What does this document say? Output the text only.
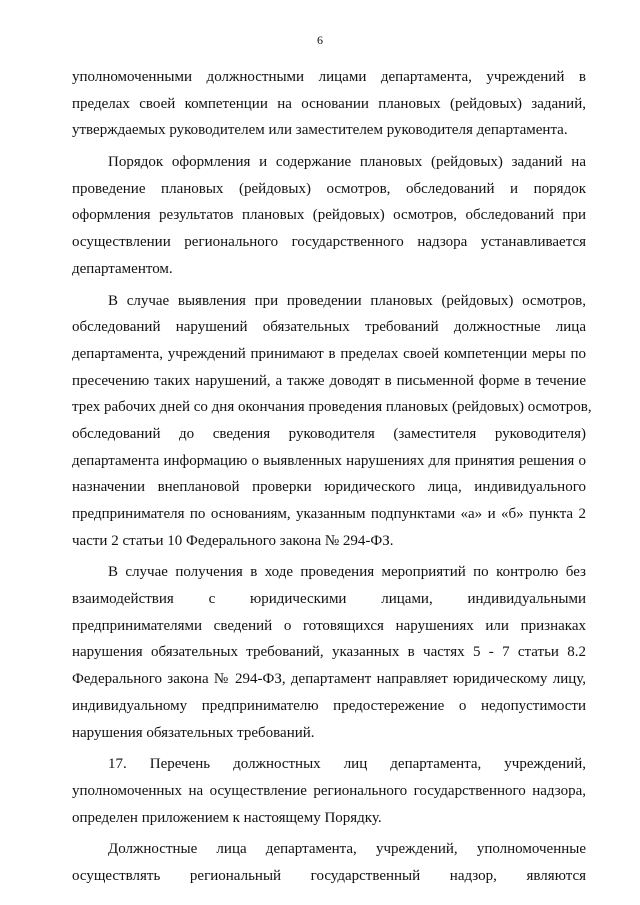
6
уполномоченными должностными лицами департамента, учреждений в
пределах своей компетенции на основании плановых (рейдовых) заданий,
утверждаемых руководителем или заместителем руководителя департамента.
Порядок оформления и содержание плановых (рейдовых) заданий на
проведение плановых (рейдовых) осмотров, обследований и порядок
оформления результатов плановых (рейдовых) осмотров, обследований при
осуществлении регионального государственного надзора устанавливается
департаментом.
В случае выявления при проведении плановых (рейдовых) осмотров,
обследований нарушений обязательных требований должностные лица
департамента, учреждений принимают в пределах своей компетенции меры по
пресечению таких нарушений, а также доводят в письменной форме в течение
трех рабочих дней со дня окончания проведения плановых (рейдовых) осмотров,
обследований до сведения руководителя (заместителя руководителя)
департамента информацию о выявленных нарушениях для принятия решения о
назначении внеплановой проверки юридического лица, индивидуального
предпринимателя по основаниям, указанным подпунктами «а» и «б» пункта 2
части 2 статьи 10 Федерального закона № 294-ФЗ.
В случае получения в ходе проведения мероприятий по контролю без
взаимодействия с юридическими лицами, индивидуальными
предпринимателями сведений о готовящихся нарушениях или признаках
нарушения обязательных требований, указанных в частях 5 - 7 статьи 8.2
Федерального закона № 294-ФЗ, департамент направляет юридическому лицу,
индивидуальному предпринимателю предостережение о недопустимости
нарушения обязательных требований.
17. Перечень должностных лиц департамента, учреждений,
уполномоченных на осуществление регионального государственного надзора,
определен приложением к настоящему Порядку.
Должностные лица департамента, учреждений, уполномоченные
осуществлять региональный государственный надзор, являются
